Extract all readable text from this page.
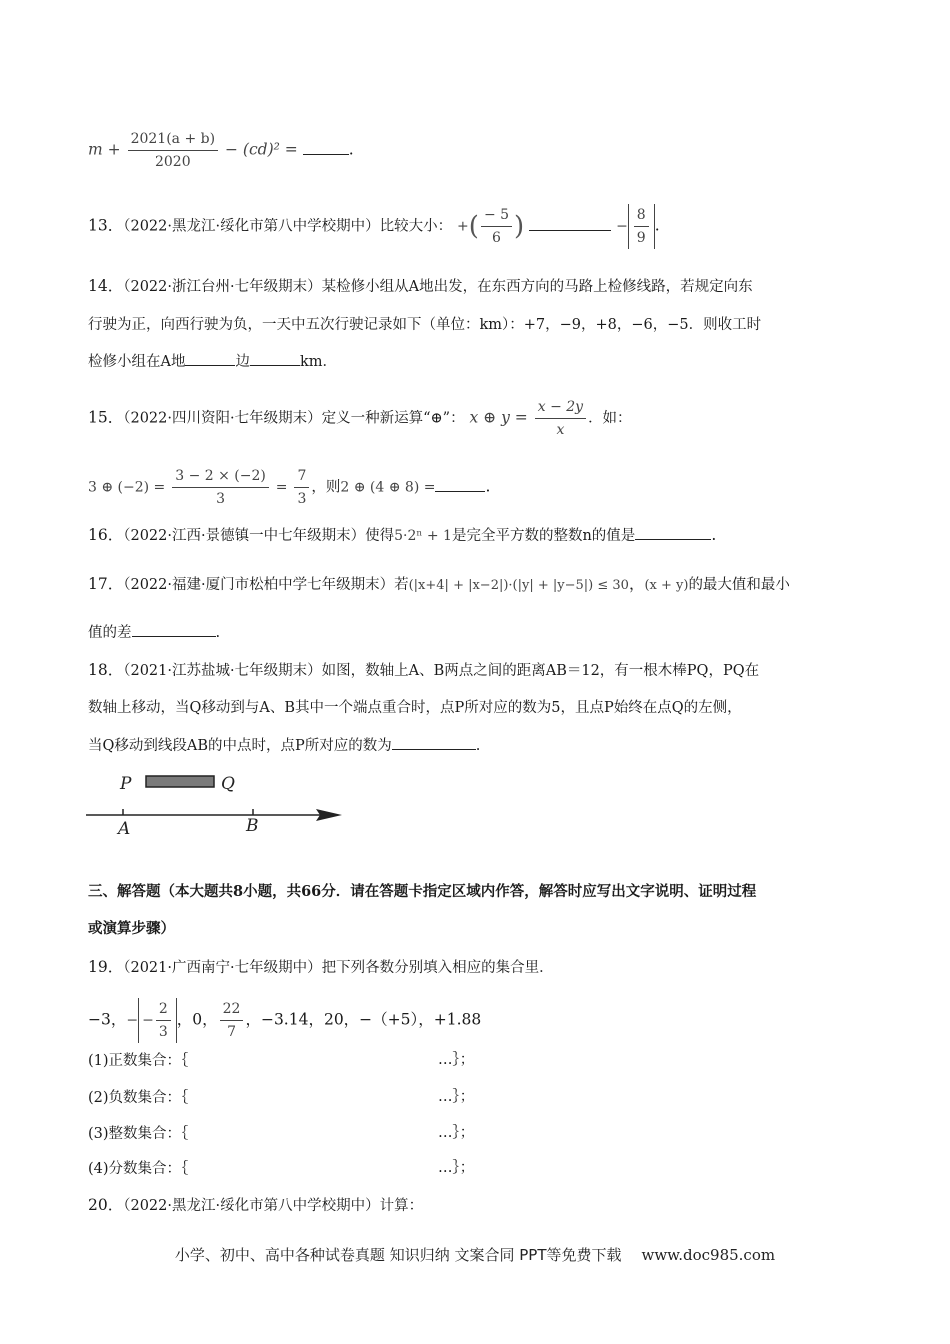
$m + \frac{2021(a + b)}{2020} - (cd)^2$ =	.
13．（2022·黑龙江·绥化市第八中学校期中）比较大小： +( $\frac{- 5}{6}$ )	− $\frac{8}{9}$ .
14．（2022·浙江台州·七年级期末）某检修小组从A地出发，在东西方向的马路上检修线路，若规定向东
行驶为正，向西行驶为负，一天中五次行驶记录如下（单位：km）：+7，−9，+8，−6，−5．则收工时
检修小组在A地	边	km．
15．（2022·四川资阳·七年级期末）定义一种新运算“⊕”： x ⊕ $y = \frac{x - 2y}{x}$ ．如：
3 ⊕ $(-2) = \frac{3 - 2 \times (-2)}{3} = \frac{7}{3}$ ，则2 ⊕ (4 ⊕ 8) =	.
16．（2022·江西·景德镇一中七年级期末）使得5·2ⁿ + 1是完全平方数的整数n的值是	.
17．（2022·福建·厦门市松柏中学七年级期末）若(|x+4| + |x−2|)·(|y| + |y−5|) ≤ 30，(x + y)的最大值和最小
值的差	.
18．（2021·江苏盐城·七年级期末）如图，数轴上A、B两点之间的距离AB＝12，有一根木棒PQ，PQ在
数轴上移动，当Q移动到与A、B其中一个端点重合时，点P所对应的数为5，且点P始终在点Q的左侧，
当Q移动到线段AB的中点时，点P所对应的数为	.
P	Q
A	B
三、解答题（本大题共8小题，共66分．请在答题卡指定区域内作答，解答时应写出文字说明、证明过程
或演算步骤）
19．（2021·广西南宁·七年级期中）把下列各数分别填入相应的集合里．
−3，− − $\frac{2}{3}$ ，0， $\frac{22}{7}$ ，−3.14，20，−（+5），+1.88
(1)正数集合：｛	…｝；
(2)负数集合：｛	…｝；
(3)整数集合：｛	…｝；
(4)分数集合：｛	…｝；
20．（2022·黑龙江·绥化市第八中学校期中）计算：
小学、初中、高中各种试卷真题 知识归纳 文案合同 PPT等免费下载 www.doc985.com
